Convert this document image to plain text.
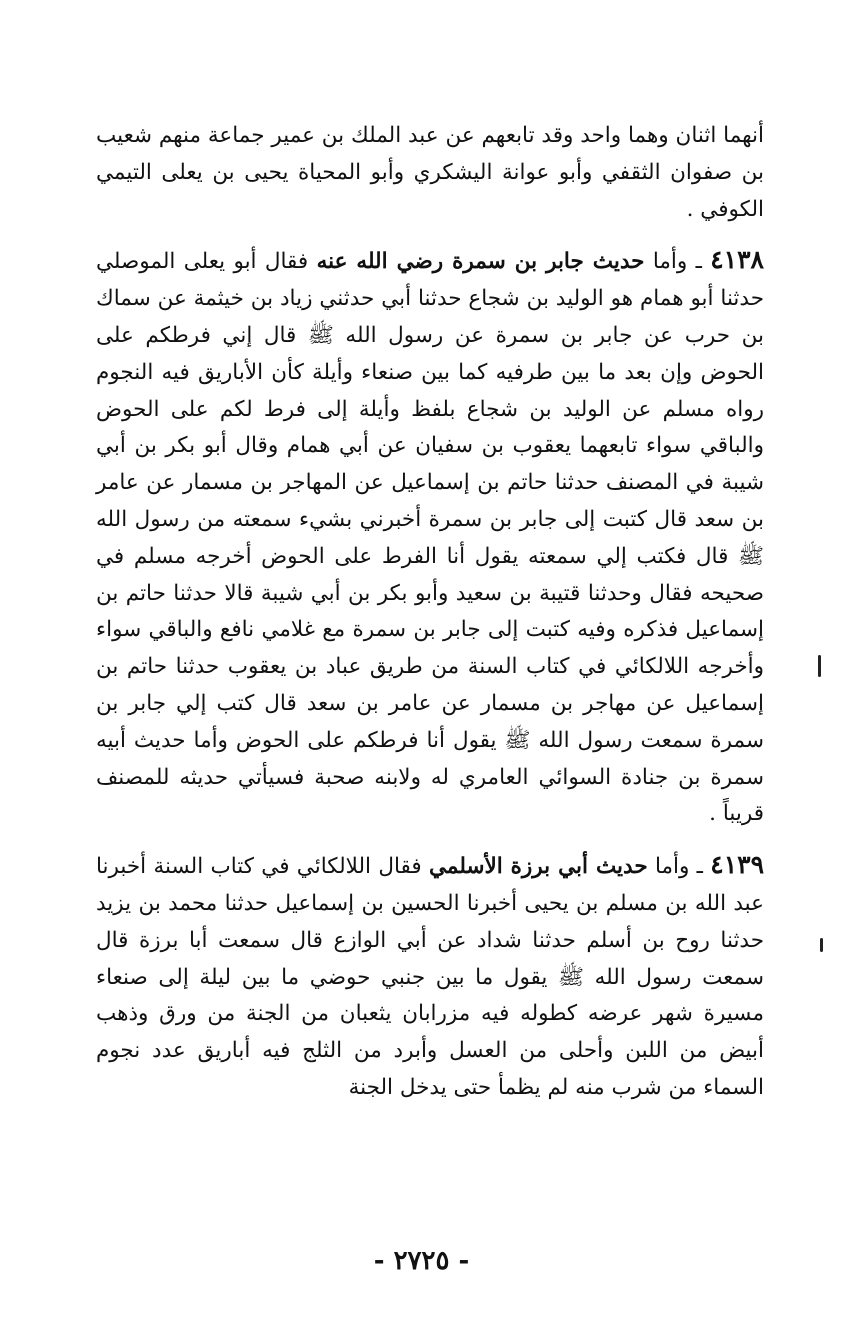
أنهما اثنان وهما واحد وقد تابعهم عن عبد الملك بن عمير جماعة منهم شعيب بن صفوان الثقفي وأبو عوانة اليشكري وأبو المحياة يحيى بن يعلى التيمي الكوفي .

٤١٣٨ ـ وأما حديث جابر بن سمرة رضي الله عنه فقال أبو يعلى الموصلي حدثنا أبو همام هو الوليد بن شجاع حدثنا أبي حدثني زياد بن خيثمة عن سماك بن حرب عن جابر بن سمرة عن رسول الله ﷺ قال إني فرطكم على الحوض وإن بعد ما بين طرفيه كما بين صنعاء وأيلة كأن الأباريق فيه النجوم رواه مسلم عن الوليد بن شجاع بلفظ وأيلة إلى فرط لكم على الحوض والباقي سواء تابعهما يعقوب بن سفيان عن أبي همام وقال أبو بكر بن أبي شيبة في المصنف حدثنا حاتم بن إسماعيل عن المهاجر بن مسمار عن عامر بن سعد قال كتبت إلى جابر بن سمرة أخبرني بشيء سمعته من رسول الله ﷺ قال فكتب إلي سمعته يقول أنا الفرط على الحوض أخرجه مسلم في صحيحه فقال وحدثنا قتيبة بن سعيد وأبو بكر بن أبي شيبة قالا حدثنا حاتم بن إسماعيل فذكره وفيه كتبت إلى جابر بن سمرة مع غلامي نافع والباقي سواء وأخرجه اللالكائي في كتاب السنة من طريق عباد بن يعقوب حدثنا حاتم بن إسماعيل عن مهاجر بن مسمار عن عامر بن سعد قال كتب إلي جابر بن سمرة سمعت رسول الله ﷺ يقول أنا فرطكم على الحوض وأما حديث أبيه سمرة بن جنادة السوائي العامري له ولابنه صحبة فسيأتي حديثه للمصنف قريباً .

٤١٣٩ ـ وأما حديث أبي برزة الأسلمي فقال اللالكائي في كتاب السنة أخبرنا عبد الله بن مسلم بن يحيى أخبرنا الحسين بن إسماعيل حدثنا محمد بن يزيد حدثنا روح بن أسلم حدثنا شداد عن أبي الوازع قال سمعت أبا برزة قال سمعت رسول الله ﷺ يقول ما بين جنبي حوضي ما بين ليلة إلى صنعاء مسيرة شهر عرضه كطوله فيه مزرابان يثعبان من الجنة من ورق وذهب أبيض من اللبن وأحلى من العسل وأبرد من الثلج فيه أباريق عدد نجوم السماء من شرب منه لم يظمأ حتى يدخل الجنة

- ٢٧٢٥ -
